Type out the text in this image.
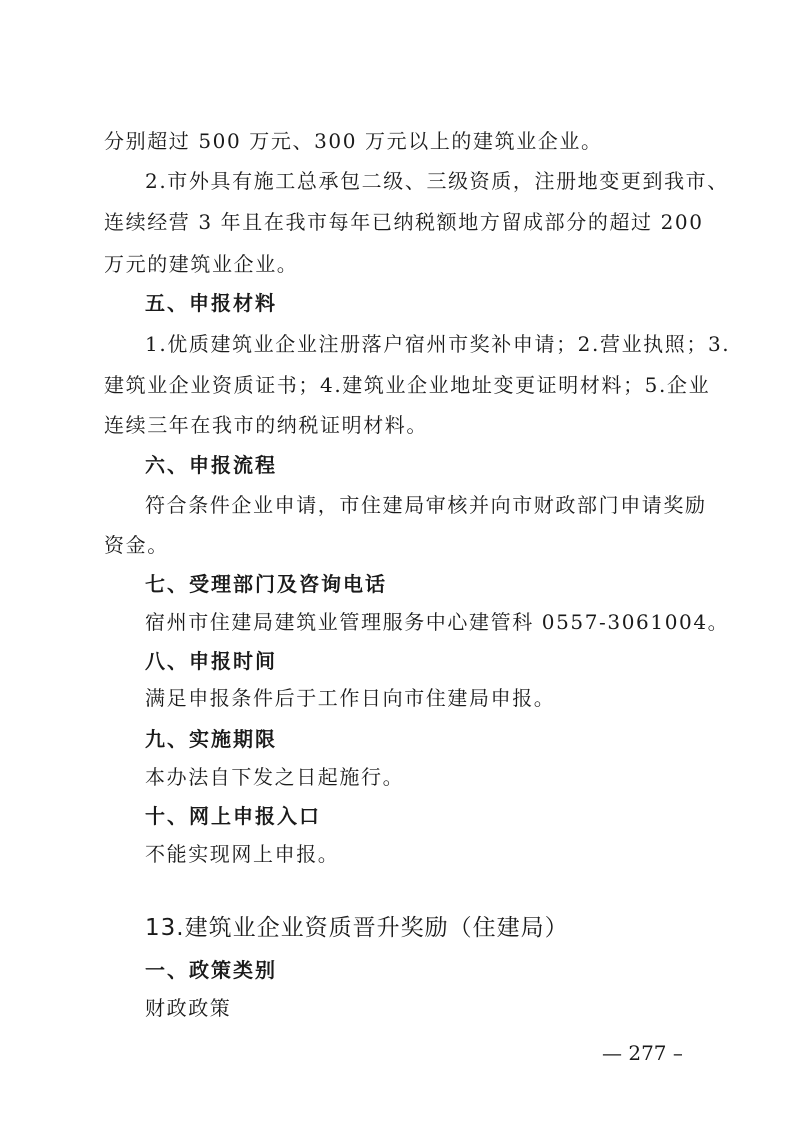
分别超过 500 万元、300 万元以上的建筑业企业。
2.市外具有施工总承包二级、三级资质，注册地变更到我市、
连续经营 3 年且在我市每年已纳税额地方留成部分的超过 200
万元的建筑业企业。
五、申报材料
1.优质建筑业企业注册落户宿州市奖补申请；2.营业执照；3.
建筑业企业资质证书；4.建筑业企业地址变更证明材料；5.企业
连续三年在我市的纳税证明材料。
六、申报流程
符合条件企业申请，市住建局审核并向市财政部门申请奖励
资金。
七、受理部门及咨询电话
宿州市住建局建筑业管理服务中心建管科 0557-3061004。
八、申报时间
满足申报条件后于工作日向市住建局申报。
九、实施期限
本办法自下发之日起施行。
十、网上申报入口
不能实现网上申报。
13.建筑业企业资质晋升奖励（住建局）
一、政策类别
财政政策
— 277 –
